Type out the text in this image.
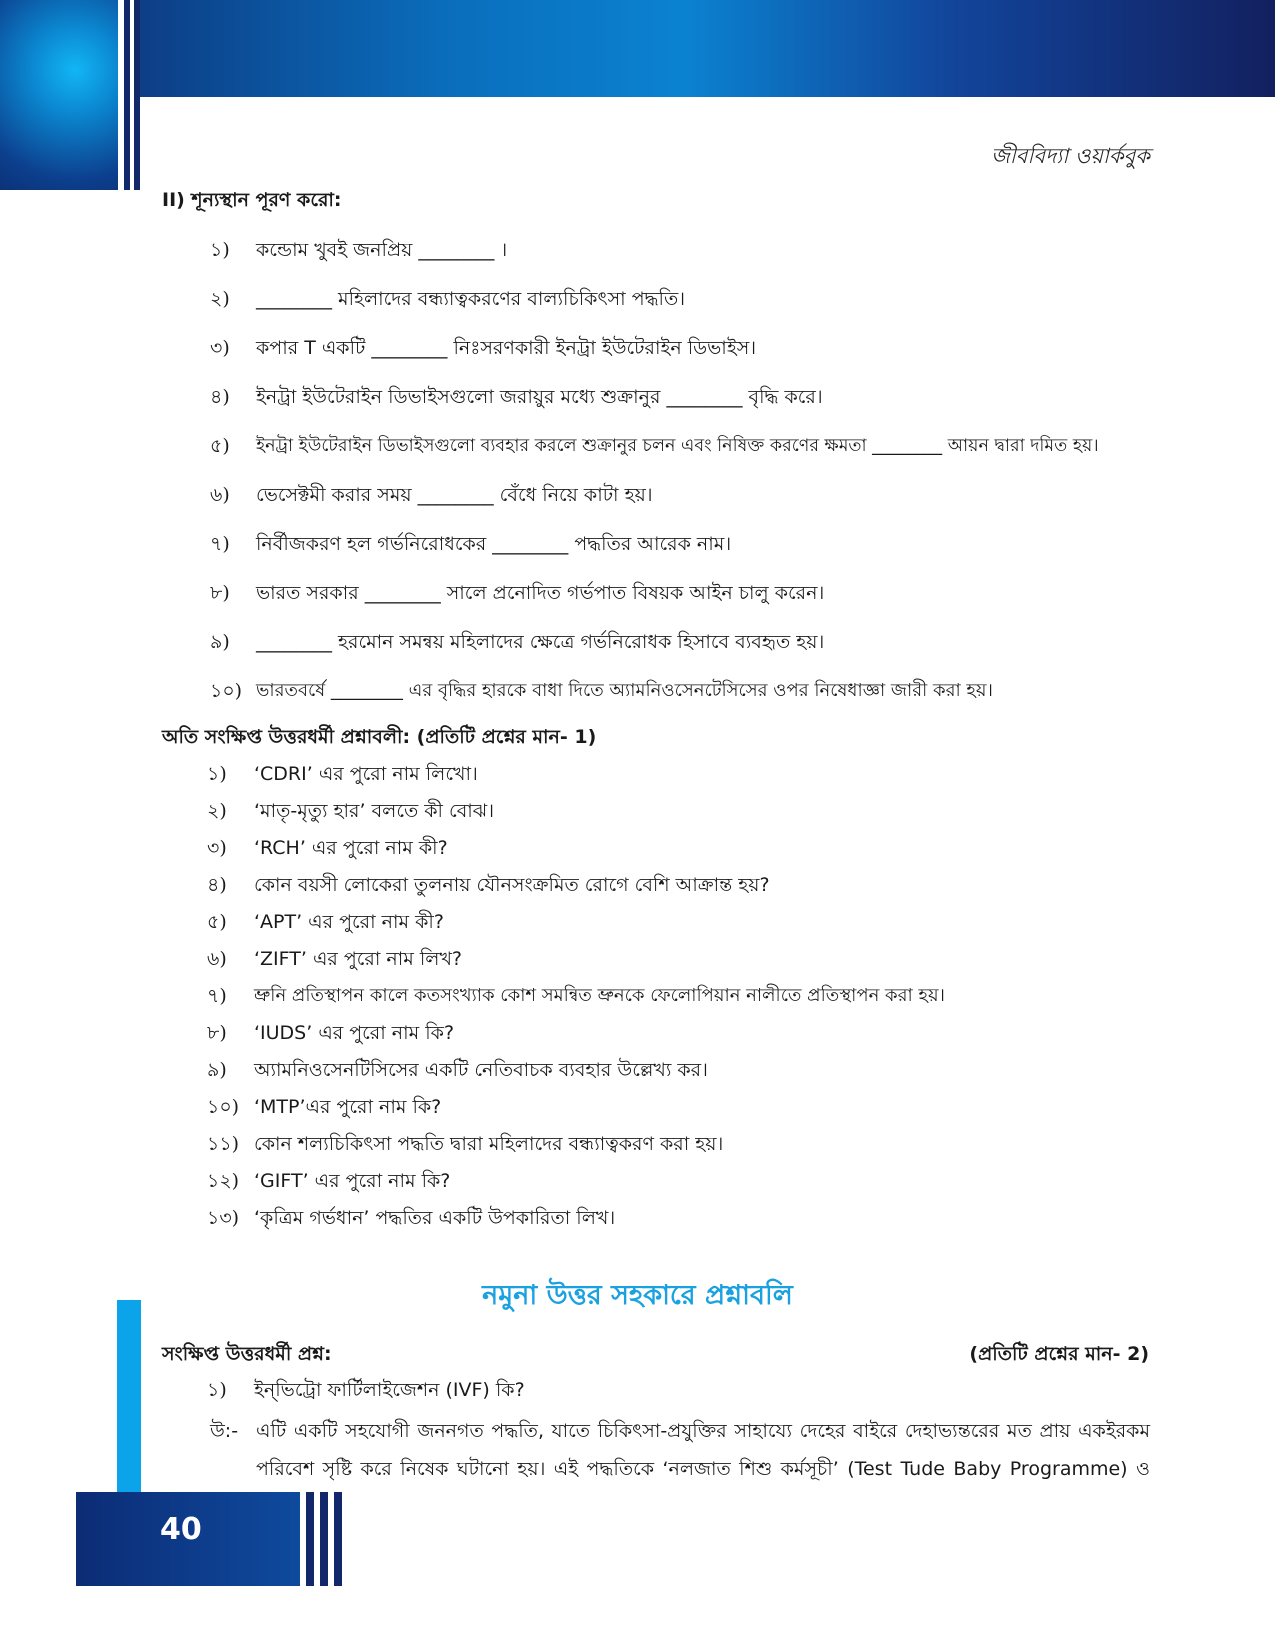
জীববিদ্যা ওয়ার্কবুক
II) শূন্যস্থান পূরণ করো:
১) কন্ডোম খুবই জনপ্রিয় ________ ।
২) ________ মহিলাদের বন্ধ্যাত্বকরণের বাল্যচিকিৎসা পদ্ধতি।
৩) কপার T একটি ________ নিঃসরণকারী ইনট্রা ইউটেরাইন ডিভাইস।
৪) ইনট্রা ইউটেরাইন ডিভাইসগুলো জরায়ুর মধ্যে শুক্রানুর ________ বৃদ্ধি করে।
৫) ইনট্রা ইউটেরাইন ডিভাইসগুলো ব্যবহার করলে শুক্রানুর চলন এবং নিষিক্ত করণের ক্ষমতা ________ আয়ন দ্বারা দমিত হয়।
৬) ভেসেক্টমী করার সময় ________ বেঁধে নিয়ে কাটা হয়।
৭) নির্বীজকরণ হল গর্ভনিরোধকের ________ পদ্ধতির আরেক নাম।
৮) ভারত সরকার ________ সালে প্রনোদিত গর্ভপাত বিষয়ক আইন চালু করেন।
৯) ________ হরমোন সমন্বয় মহিলাদের ক্ষেত্রে গর্ভনিরোধক হিসাবে ব্যবহৃত হয়।
১০) ভারতবর্ষে ________ এর বৃদ্ধির হারকে বাধা দিতে অ্যামনিওসেনটেসিসের ওপর নিষেধাজ্ঞা জারী করা হয়।
অতি সংক্ষিপ্ত উত্তরধর্মী প্রশ্নাবলী: (প্রতিটি প্রশ্নের মান- 1)
১) ‘CDRI’ এর পুরো নাম লিখো।
২) ‘মাতৃ-মৃত্যু হার’ বলতে কী বোঝ।
৩) ‘RCH’ এর পুরো নাম কী?
৪) কোন বয়সী লোকেরা তুলনায় যৌনসংক্রমিত রোগে বেশি আক্রান্ত হয়?
৫) ‘APT’ এর পুরো নাম কী?
৬) ‘ZIFT’ এর পুরো নাম লিখ?
৭) ভ্রুনি প্রতিস্থাপন কালে কতসংখ্যাক কোশ সমন্বিত ভ্রুনকে ফেলোপিয়ান নালীতে প্রতিস্থাপন করা হয়।
৮) ‘IUDS’ এর পুরো নাম কি?
৯) অ্যামনিওসেনটিসিসের একটি নেতিবাচক ব্যবহার উল্লেখ্য কর।
১০) ‘MTP’এর পুরো নাম কি?
১১) কোন শল্যচিকিৎসা পদ্ধতি দ্বারা মহিলাদের বন্ধ্যাত্বকরণ করা হয়।
১২) ‘GIFT’ এর পুরো নাম কি?
১৩) ‘কৃত্রিম গর্ভধান’ পদ্ধতির একটি উপকারিতা লিখ।
নমুনা উত্তর সহকারে প্রশ্নাবলি
সংক্ষিপ্ত উত্তরধর্মী প্রশ্ন:	(প্রতিটি প্রশ্নের মান- 2)
১) ইন্‌ভিট্রো ফার্টিলাইজেশন (IVF) কি?
উ:- এটি একটি সহযোগী জননগত পদ্ধতি, যাতে চিকিৎসা-প্রযুক্তির সাহায্যে দেহের বাইরে দেহাভ্যন্তরের মত প্রায় একইরকম পরিবেশ সৃষ্টি করে নিষেক ঘটানো হয়। এই পদ্ধতিকে ‘নলজাত শিশু কর্মসূচী’ (Test Tude Baby Programme) ও
40
